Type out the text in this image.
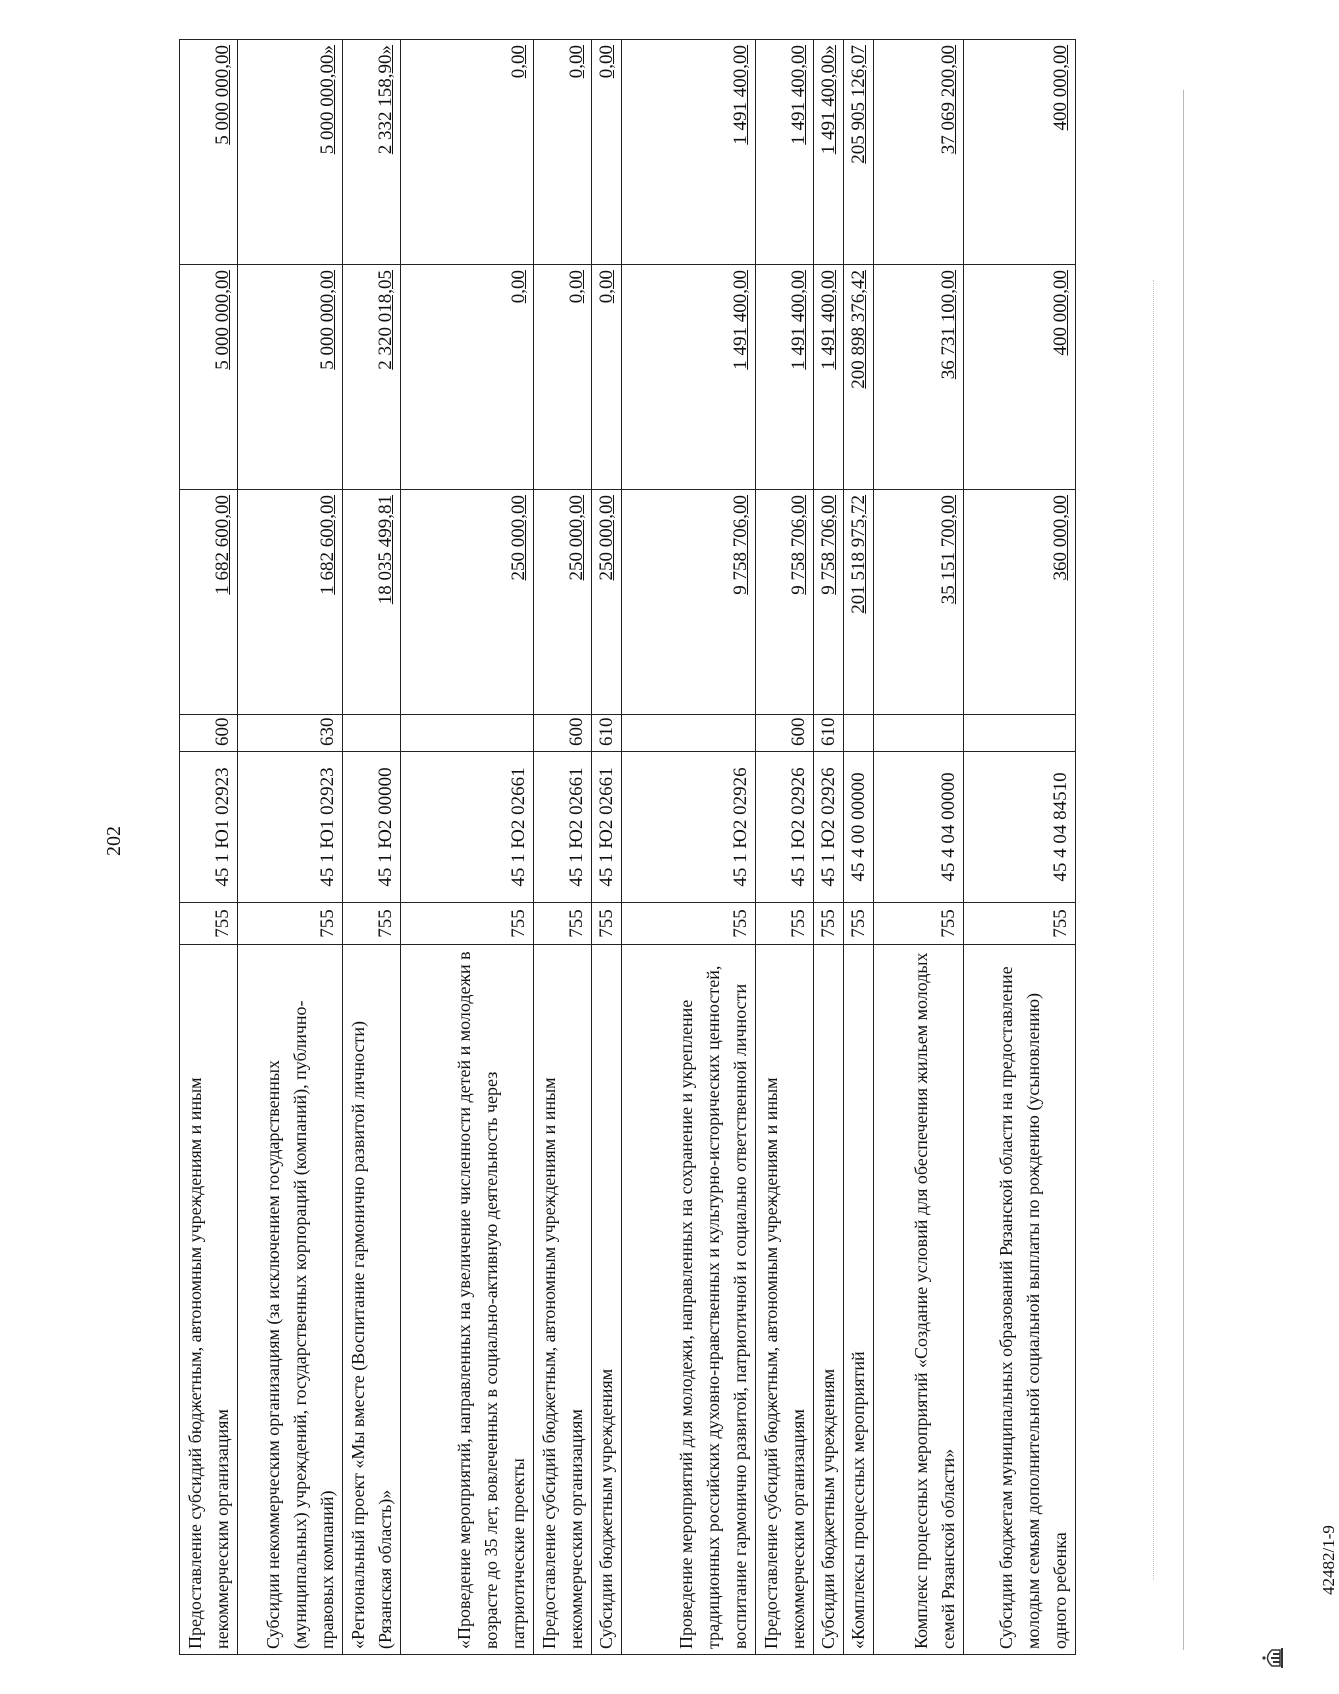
202
Предоставление субсидий бюджетным, автономным учреждениям и иным некоммерческим организациям	755	45 1 Ю1 02923	600	1 682 600,00	5 000 000,00	5 000 000,00
Субсидии некоммерческим организациям (за исключением государственных (муниципальных) учреждений, государственных корпораций (компаний), публично-правовых компаний)	755	45 1 Ю1 02923	630	1 682 600,00	5 000 000,00	5 000 000,00»
«Региональный проект «Мы вместе (Воспитание гармонично развитой личности) (Рязанская область)»	755	45 1 Ю2 00000		18 035 499,81	2 320 018,05	2 332 158,90»
«Проведение мероприятий, направленных на увеличение численности детей и молодежи в возрасте до 35 лет, вовлеченных в социально-активную деятельность через патриотические проекты	755	45 1 Ю2 02661		250 000,00	0,00	0,00
Предоставление субсидий бюджетным, автономным учреждениям и иным некоммерческим организациям	755	45 1 Ю2 02661	600	250 000,00	0,00	0,00
Субсидии бюджетным учреждениям	755	45 1 Ю2 02661	610	250 000,00	0,00	0,00
Проведение мероприятий для молодежи, направленных на сохранение и укрепление традиционных российских духовно-нравственных и культурно-исторических ценностей, воспитание гармонично развитой, патриотичной и социально ответственной личности	755	45 1 Ю2 02926		9 758 706,00	1 491 400,00	1 491 400,00
Предоставление субсидий бюджетным, автономным учреждениям и иным некоммерческим организациям	755	45 1 Ю2 02926	600	9 758 706,00	1 491 400,00	1 491 400,00
Субсидии бюджетным учреждениям	755	45 1 Ю2 02926	610	9 758 706,00	1 491 400,00	1 491 400,00»
«Комплексы процессных мероприятий	755	45 4 00 00000		201 518 975,72	200 898 376,42	205 905 126,07
Комплекс процессных мероприятий «Создание условий для обеспечения жильем молодых семей Рязанской области»	755	45 4 04 00000		35 151 700,00	36 731 100,00	37 069 200,00
Субсидии бюджетам муниципальных образований Рязанской области на предоставление молодым семьям дополнительной социальной выплаты по рождению (усыновлению) одного ребенка	755	45 4 04 84510		360 000,00	400 000,00	400 000,00
42482/1-9
